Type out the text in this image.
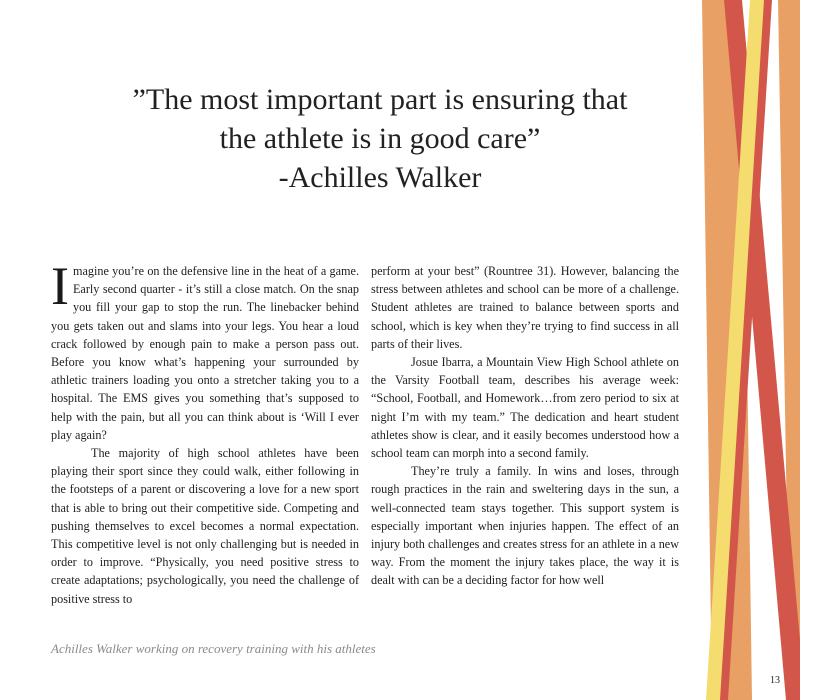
”The most important part is ensuring that
the athlete is in good care”
-Achilles Walker

Imagine you’re on the defensive line in the heat of a game. Early second quarter - it’s still a close match. On the snap you fill your gap to stop the run. The linebacker behind you gets taken out and slams into your legs. You hear a loud crack followed by enough pain to make a person pass out. Before you know what’s happening your surrounded by athletic trainers loading you onto a stretcher taking you to a hospital. The EMS gives you something that’s supposed to help with the pain, but all you can think about is ‘Will I ever play again?

The majority of high school athletes have been playing their sport since they could walk, either following in the footsteps of a parent or discovering a love for a new sport that is able to bring out their competitive side. Competing and pushing themselves to excel becomes a normal expectation. This competitive level is not only challenging but is needed in order to improve. “Physically, you need positive stress to create adaptations; psychologically, you need the challenge of positive stress to

perform at your best” (Rountree 31). However, balancing the stress between athletes and school can be more of a challenge. Student athletes are trained to balance between sports and school, which is key when they’re trying to find success in all parts of their lives.

Josue Ibarra, a Mountain View High School athlete on the Varsity Football team, describes his average week: “School, Football, and Homework…from zero period to six at night I’m with my team.” The dedication and heart student athletes show is clear, and it easily becomes understood how a school team can morph into a second family.

They’re truly a family. In wins and loses, through rough practices in the rain and sweltering days in the sun, a well-connected team stays together. This support system is especially important when injuries happen. The effect of an injury both challenges and creates stress for an athlete in a new way. From the moment the injury takes place, the way it is dealt with can be a deciding factor for how well

Achilles Walker working on recovery training with his athletes
13
